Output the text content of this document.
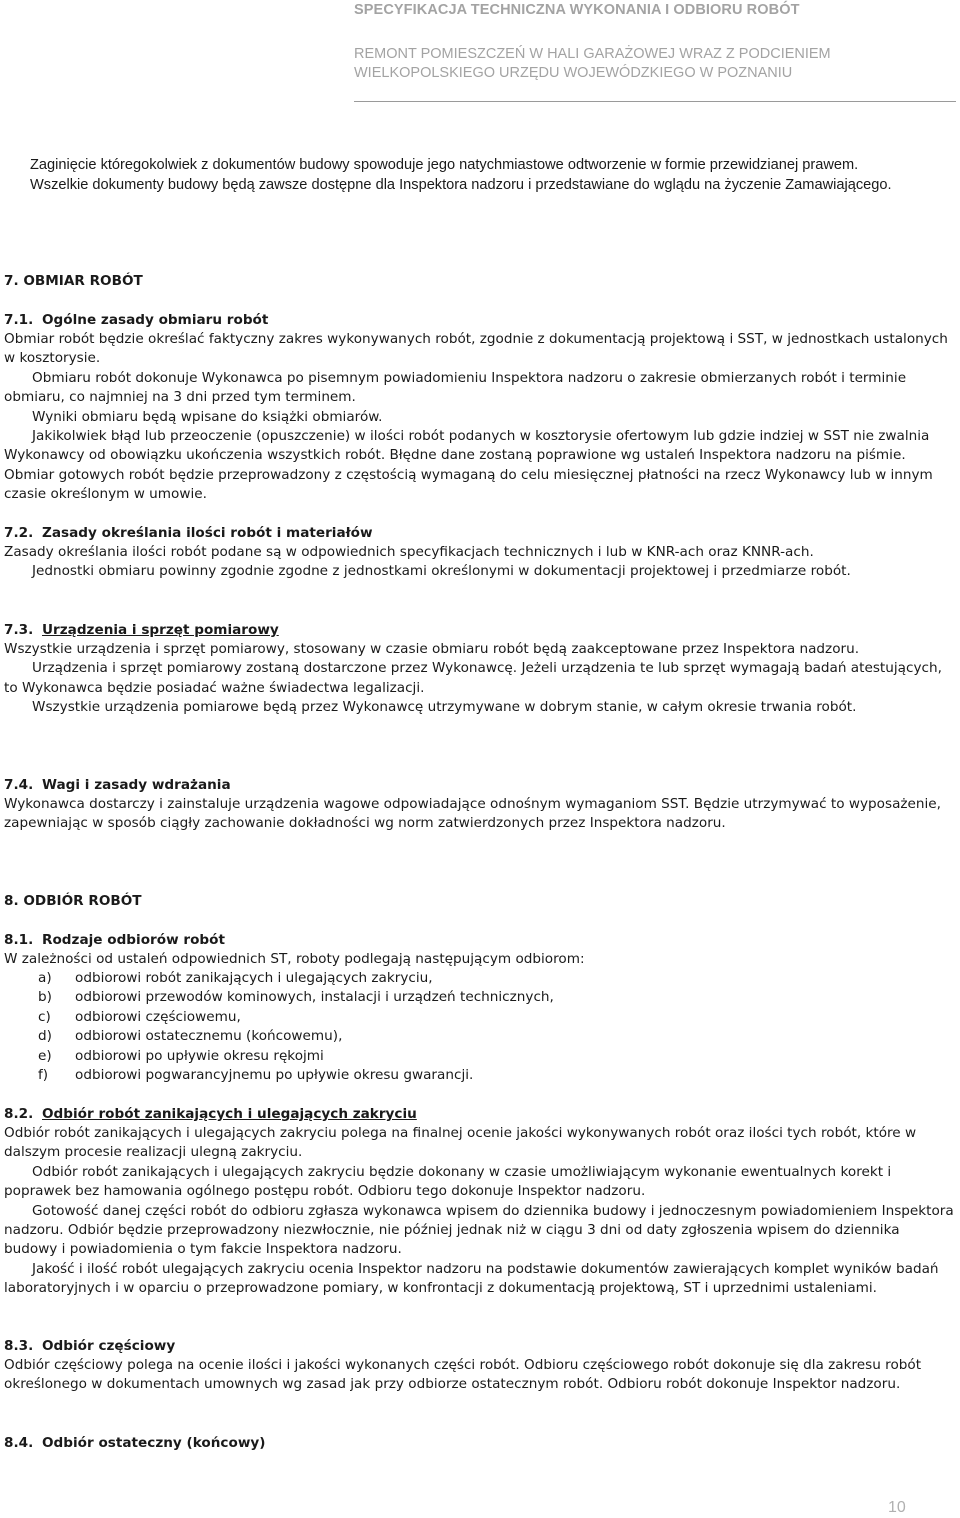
SPECYFIKACJA TECHNICZNA WYKONANIA I ODBIORU ROBÓT
REMONT POMIESZCZEŃ W HALI GARAŻOWEJ WRAZ Z PODCIENIEM
WIELKOPOLSKIEGO URZĘDU WOJEWÓDZKIEGO W POZNANIU

Zaginięcie któregokolwiek z dokumentów budowy spowoduje jego natychmiastowe odtworzenie w formie przewidzianej prawem.

Wszelkie dokumenty budowy będą zawsze dostępne dla Inspektora nadzoru i przedstawiane do wglądu na życzenie Zamawiającego.

7. OBMIAR ROBÓT
7.1. Ogólne zasady obmiaru robót

Obmiar robót będzie określać faktyczny zakres wykonywanych robót, zgodnie z dokumentacją projektową i SST, w jednostkach ustalonych w kosztorysie.

Obmiaru robót dokonuje Wykonawca po pisemnym powiadomieniu Inspektora nadzoru o zakresie obmierzanych robót i terminie obmiaru, co najmniej na 3 dni przed tym terminem.

Wyniki obmiaru będą wpisane do książki obmiarów.

Jakikolwiek błąd lub przeoczenie (opuszczenie) w ilości robót podanych w kosztorysie ofertowym lub gdzie indziej w SST nie zwalnia Wykonawcy od obowiązku ukończenia wszystkich robót. Błędne dane zostaną poprawione wg ustaleń Inspektora nadzoru na piśmie. Obmiar gotowych robót będzie przeprowadzony z częstością wymaganą do celu miesięcznej płatności na rzecz Wykonawcy lub w innym czasie określonym w umowie.

7.2. Zasady określania ilości robót i materiałów

Zasady określania ilości robót podane są w odpowiednich specyfikacjach technicznych i lub w KNR-ach oraz KNNR-ach.

Jednostki obmiaru powinny zgodnie zgodne z jednostkami określonymi w dokumentacji projektowej i przedmiarze robót.

7.3. Urządzenia i sprzęt pomiarowy

Wszystkie urządzenia i sprzęt pomiarowy, stosowany w czasie obmiaru robót będą zaakceptowane przez Inspektora nadzoru.

Urządzenia i sprzęt pomiarowy zostaną dostarczone przez Wykonawcę. Jeżeli urządzenia te lub sprzęt wymagają badań atestujących, to Wykonawca będzie posiadać ważne świadectwa legalizacji.

Wszystkie urządzenia pomiarowe będą przez Wykonawcę utrzymywane w dobrym stanie, w całym okresie trwania robót.

7.4. Wagi i zasady wdrażania

Wykonawca dostarczy i zainstaluje urządzenia wagowe odpowiadające odnośnym wymaganiom SST. Będzie utrzymywać to wyposażenie, zapewniając w sposób ciągły zachowanie dokładności wg norm zatwierdzonych przez Inspektora nadzoru.

8. ODBIÓR ROBÓT
8.1. Rodzaje odbiorów robót

W zależności od ustaleń odpowiednich ST, roboty podlegają następującym odbiorom:

a) odbiorowi robót zanikających i ulegających zakryciu,
b) odbiorowi przewodów kominowych, instalacji i urządzeń technicznych,
c) odbiorowi częściowemu,
d) odbiorowi ostatecznemu (końcowemu),
e) odbiorowi po upływie okresu rękojmi
f) odbiorowi pogwarancyjnemu po upływie okresu gwarancji.
8.2. Odbiór robót zanikających i ulegających zakryciu

Odbiór robót zanikających i ulegających zakryciu polega na finalnej ocenie jakości wykonywanych robót oraz ilości tych robót, które w dalszym procesie realizacji ulegną zakryciu.

Odbiór robót zanikających i ulegających zakryciu będzie dokonany w czasie umożliwiającym wykonanie ewentualnych korekt i poprawek bez hamowania ogólnego postępu robót. Odbioru tego dokonuje Inspektor nadzoru.

Gotowość danej części robót do odbioru zgłasza wykonawca wpisem do dziennika budowy i jednoczesnym powiadomieniem Inspektora nadzoru. Odbiór będzie przeprowadzony niezwłocznie, nie później jednak niż w ciągu 3 dni od daty zgłoszenia wpisem do dziennika budowy i powiadomienia o tym fakcie Inspektora nadzoru.

Jakość i ilość robót ulegających zakryciu ocenia Inspektor nadzoru na podstawie dokumentów zawierających komplet wyników badań laboratoryjnych i w oparciu o przeprowadzone pomiary, w konfrontacji z dokumentacją projektową, ST i uprzednimi ustaleniami.

8.3. Odbiór częściowy

Odbiór częściowy polega na ocenie ilości i jakości wykonanych części robót. Odbioru częściowego robót dokonuje się dla zakresu robót określonego w dokumentach umownych wg zasad jak przy odbiorze ostatecznym robót. Odbioru robót dokonuje Inspektor nadzoru.

8.4. Odbiór ostateczny (końcowy)
10
